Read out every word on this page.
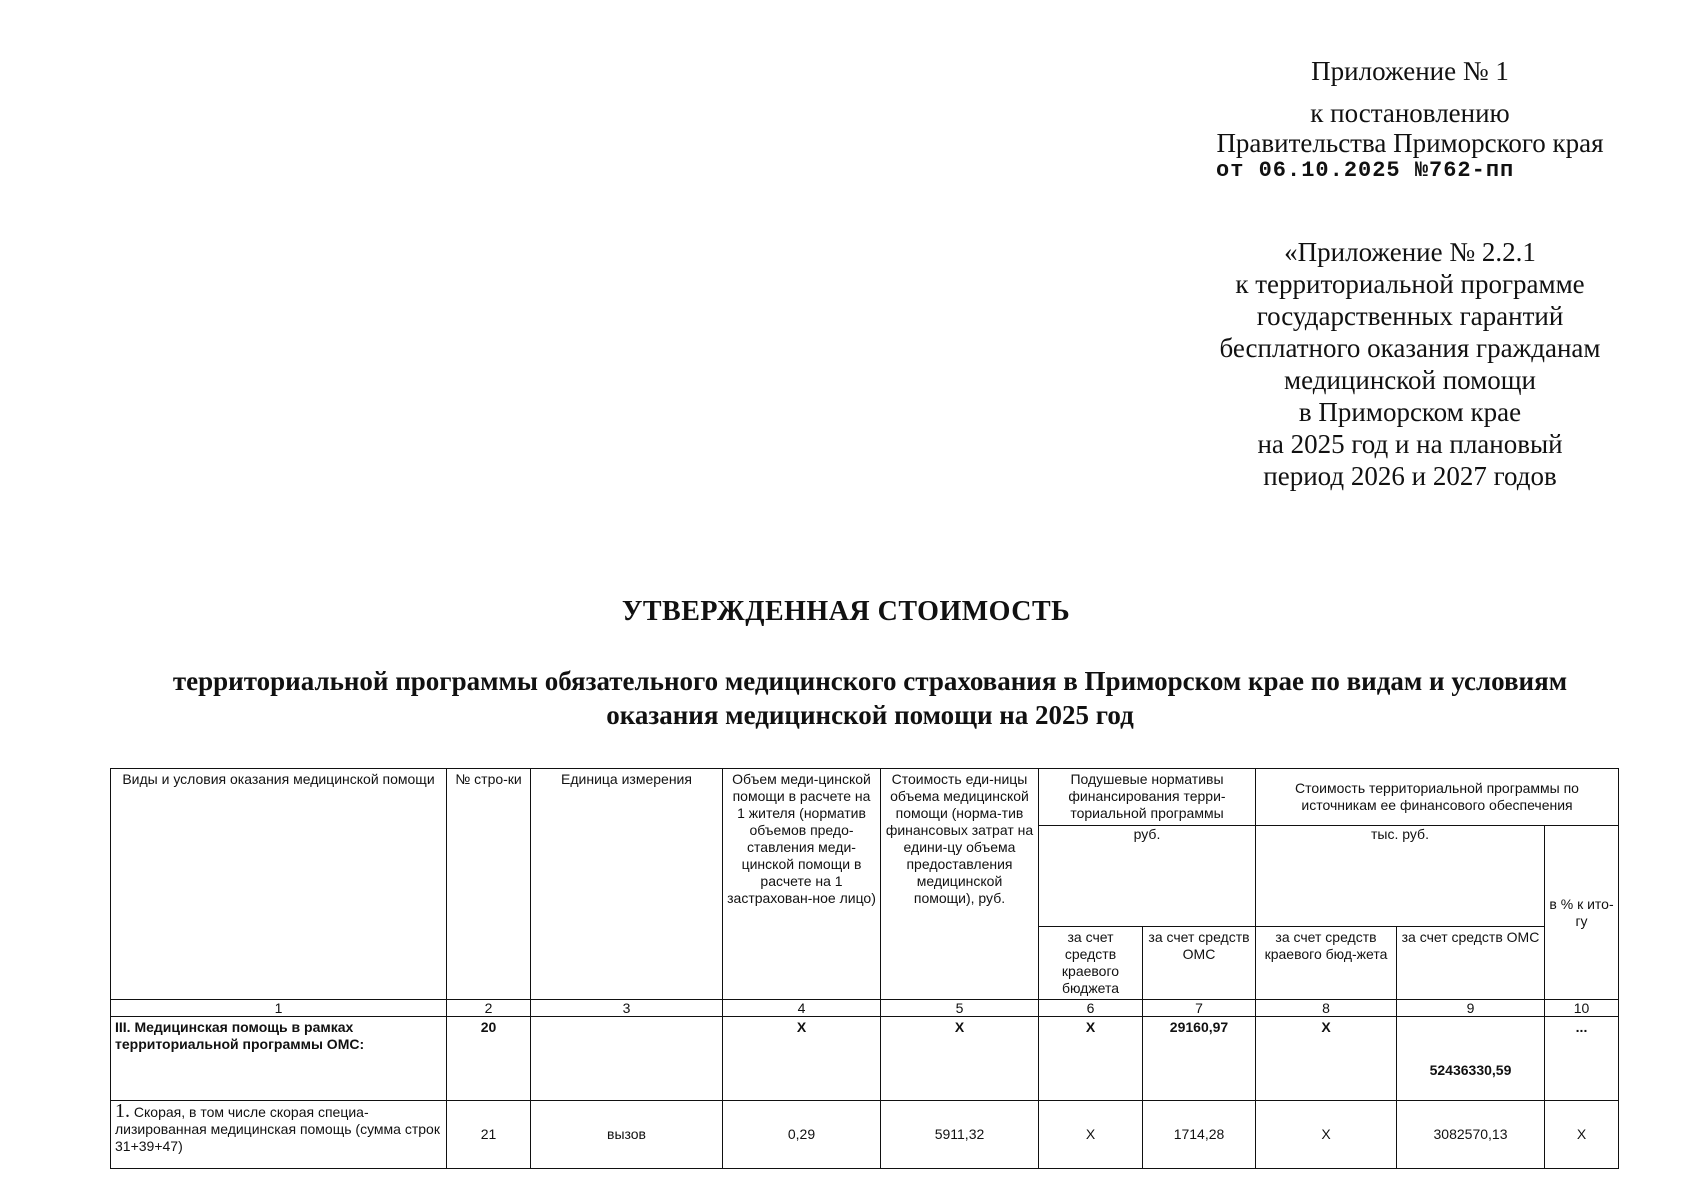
Приложение № 1
к постановлению
Правительства Приморского края
от 06.10.2025 №762-пп
«Приложение № 2.2.1
к территориальной программе
государственных гарантий
бесплатного оказания гражданам
медицинской помощи
в Приморском крае
на 2025 год и на плановый
период 2026 и 2027 годов
УТВЕРЖДЕННАЯ СТОИМОСТЬ
территориальной программы обязательного медицинского страхования в Приморском крае по видам и условиям
оказания медицинской помощи на 2025 год
Виды и условия оказания медицинской помощи	№ стро-ки	Единица измерения	Объем меди-цинской помощи в расчете на 1 жителя (норматив объемов предо-ставления меди-цинской помощи в расчете на 1 застрахован-ное лицо)	Стоимость еди-ницы объема медицинской помощи (норма-тив финансовых затрат на едини-цу объема предоставления медицинской помощи), руб.	Подушевые нормативы финансирования терри-ториальной программы		Стоимость территориальной программы по источникам ее финансового обеспечения		
					руб.		тыс. руб.		в % к ито-гу
					за счет средств краевого бюджета	за счет средств ОМС	за счет средств краевого бюд-жета	за счет средств ОМС	
1	2	3	4	5	6	7	8	9	10
III. Медицинская помощь в рамках территориальной программы ОМС:	20		X	X	X	29160,97	X	52436330,59	...
1. Скорая, в том числе скорая специа-лизированная медицинская помощь (сумма строк 31+39+47)	21	вызов	0,29	5911,32	X	1714,28	X	3082570,13	X
